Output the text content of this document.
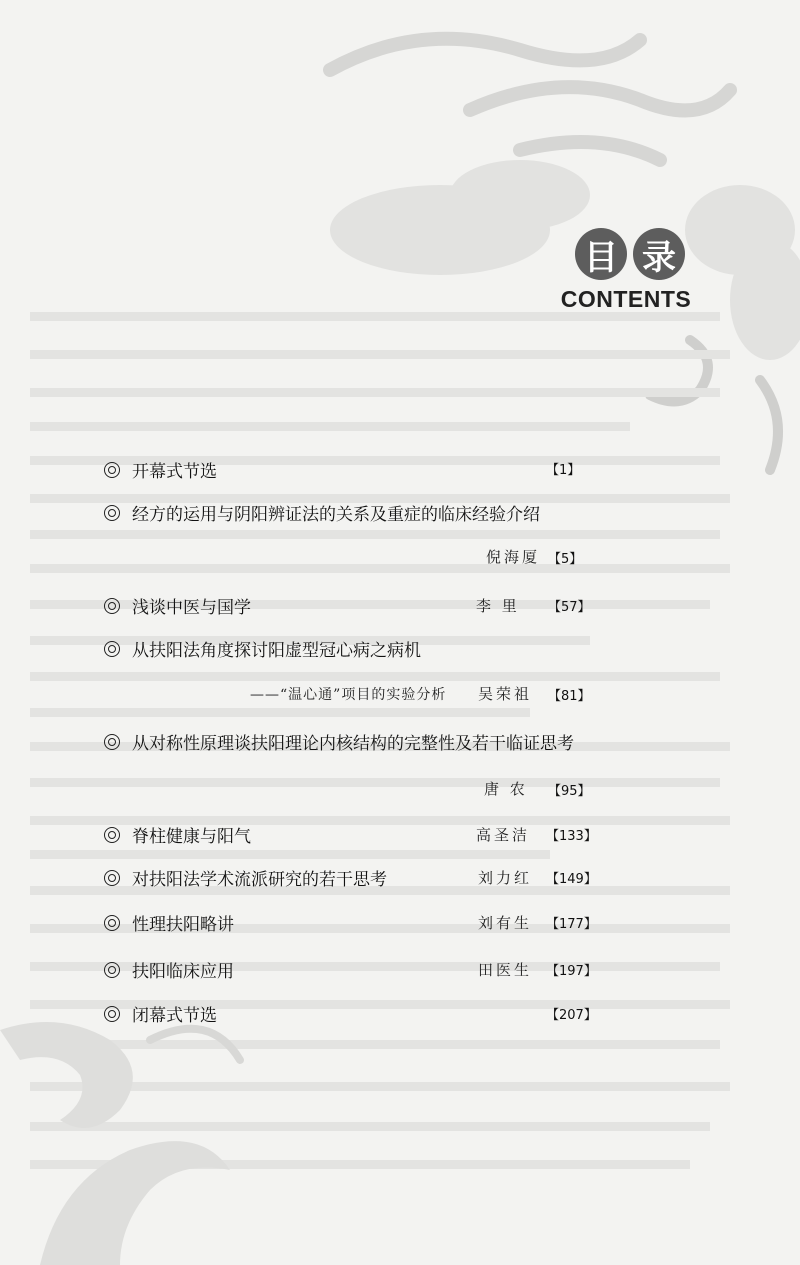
目 录
CONTENTS
开幕式节选	【1】
经方的运用与阴阳辨证法的关系及重症的临床经验介绍
倪海厦 【5】
浅谈中医与国学	李 里 【57】
从扶阳法角度探讨阳虚型冠心病之病机
——“温心通”项目的实验分析 吴荣祖 【81】
从对称性原理谈扶阳理论内核结构的完整性及若干临证思考
唐 农 【95】
脊柱健康与阳气	高圣洁 【133】
对扶阳法学术流派研究的若干思考	刘力红 【149】
性理扶阳略讲	刘有生 【177】
扶阳临床应用	田医生 【197】
闭幕式节选	【207】
